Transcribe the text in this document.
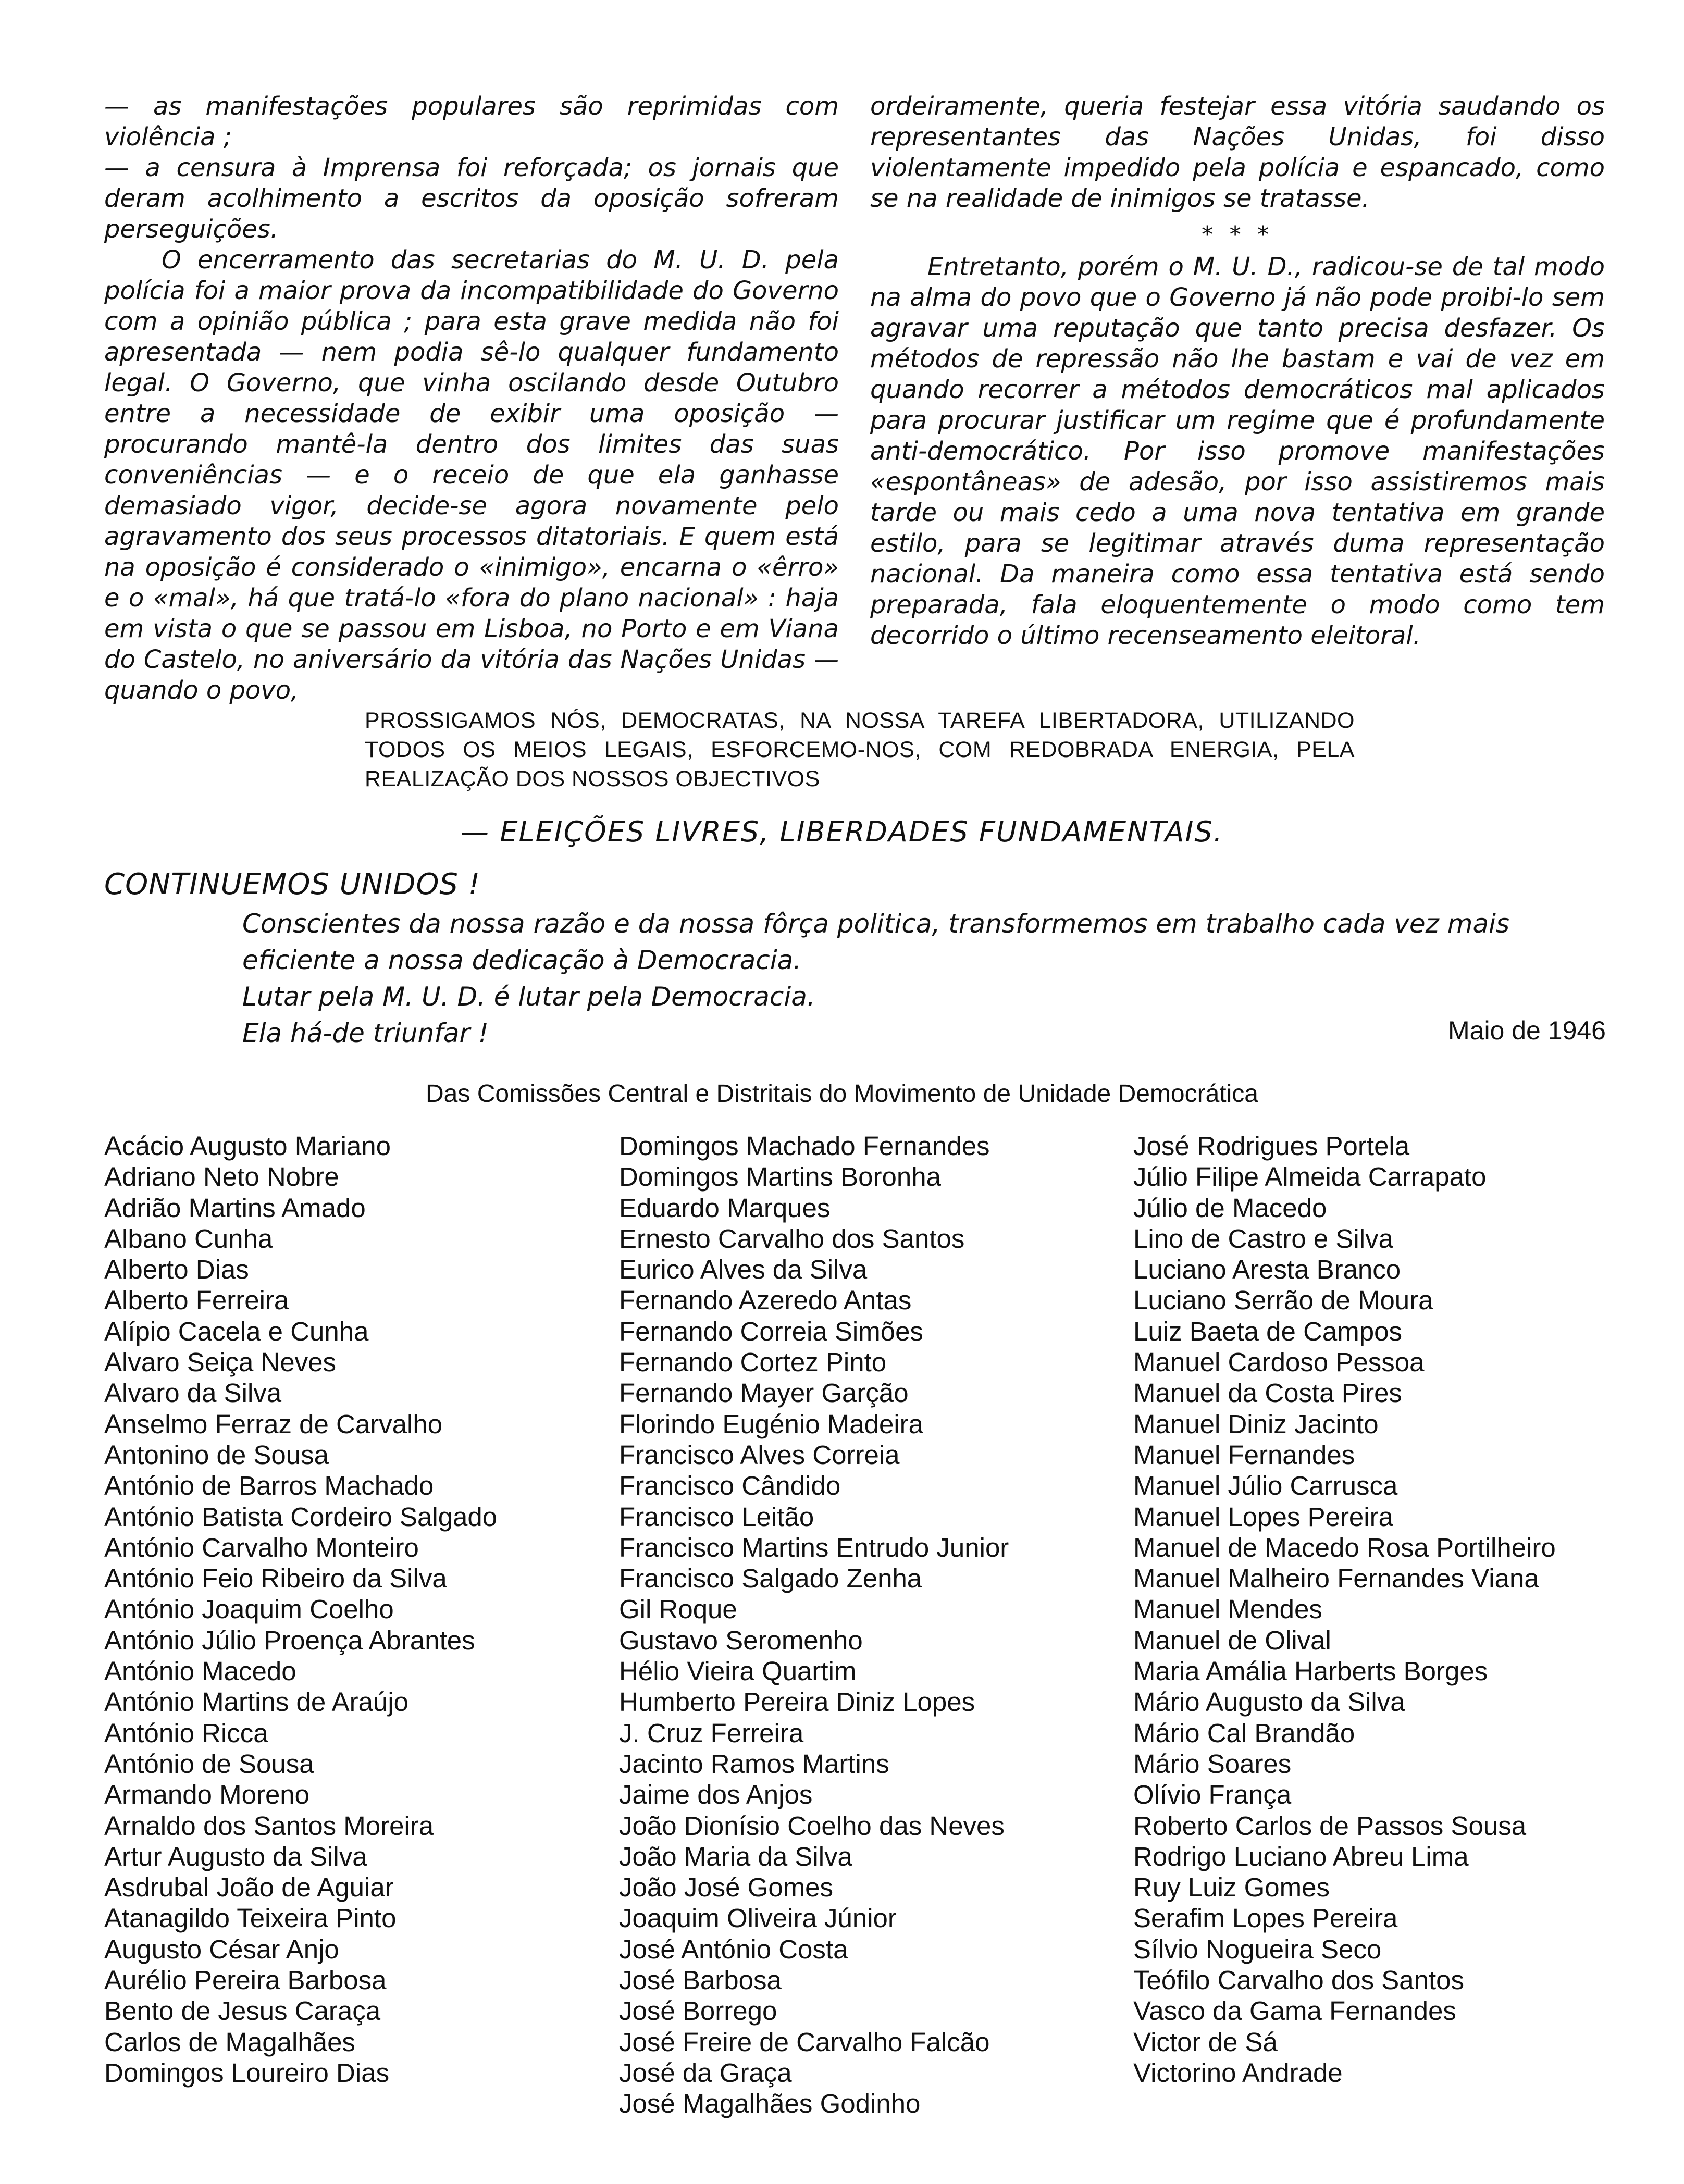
— as manifestações populares são reprimidas com violência ;

— a censura à Imprensa foi reforçada; os jornais que deram acolhimento a escritos da oposição sofreram perseguições.

O encerramento das secretarias do M. U. D. pela polícia foi a maior prova da incompatibilidade do Governo com a opinião pública ; para esta grave medida não foi apresentada — nem podia sê-lo qualquer fundamento legal. O Governo, que vinha oscilando desde Outubro entre a necessidade de exibir uma oposição — procurando mantê-la dentro dos limites das suas conveniências — e o receio de que ela ganhasse demasiado vigor, decide-se agora novamente pelo agravamento dos seus processos ditatoriais. E quem está na oposição é considerado o «inimigo», encarna o «êrro» e o «mal», há que tratá-lo «fora do plano nacional» : haja em vista o que se passou em Lisboa, no Porto e em Viana do Castelo, no aniversário da vitória das Nações Unidas — quando o povo,

ordeiramente, queria festejar essa vitória saudando os representantes das Nações Unidas, foi disso violentamente impedido pela polícia e espancado, como se na realidade de inimigos se tratasse.

* * *

Entretanto, porém o M. U. D., radicou-se de tal modo na alma do povo que o Governo já não pode proibi-lo sem agravar uma reputação que tanto precisa desfazer. Os métodos de repressão não lhe bastam e vai de vez em quando recorrer a métodos democráticos mal aplicados para procurar justificar um regime que é profundamente anti-democrático. Por isso promove manifestações «espontâneas» de adesão, por isso assistiremos mais tarde ou mais cedo a uma nova tentativa em grande estilo, para se legitimar através duma representação nacional. Da maneira como essa tentativa está sendo preparada, fala eloquentemente o modo como tem decorrido o último recenseamento eleitoral.

PROSSIGAMOS NÓS, DEMOCRATAS, NA NOSSA TAREFA LIBERTADORA, UTILIZANDO TODOS OS MEIOS LEGAIS, ESFORCEMO-NOS, COM REDOBRADA ENERGIA, PELA REALIZAÇÃO DOS NOSSOS OBJECTIVOS
— ELEIÇÕES LIVRES, LIBERDADES FUNDAMENTAIS.
CONTINUEMOS UNIDOS !
Conscientes da nossa razão e da nossa fôrça politica, transformemos em trabalho cada vez mais
eficiente a nossa dedicação à Democracia.
Lutar pela M. U. D. é lutar pela Democracia.
Ela há-de triunfar !	Maio de 1946
Das Comissões Central e Distritais do Movimento de Unidade Democrática
Acácio Augusto Mariano
Adriano Neto Nobre
Adrião Martins Amado
Albano Cunha
Alberto Dias
Alberto Ferreira
Alípio Cacela e Cunha
Alvaro Seiça Neves
Alvaro da Silva
Anselmo Ferraz de Carvalho
Antonino de Sousa
António de Barros Machado
António Batista Cordeiro Salgado
António Carvalho Monteiro
António Feio Ribeiro da Silva
António Joaquim Coelho
António Júlio Proença Abrantes
António Macedo
António Martins de Araújo
António Ricca
António de Sousa
Armando Moreno
Arnaldo dos Santos Moreira
Artur Augusto da Silva
Asdrubal João de Aguiar
Atanagildo Teixeira Pinto
Augusto César Anjo
Aurélio Pereira Barbosa
Bento de Jesus Caraça
Carlos de Magalhães
Domingos Loureiro Dias
Domingos Machado Fernandes
Domingos Martins Boronha
Eduardo Marques
Ernesto Carvalho dos Santos
Eurico Alves da Silva
Fernando Azeredo Antas
Fernando Correia Simões
Fernando Cortez Pinto
Fernando Mayer Garção
Florindo Eugénio Madeira
Francisco Alves Correia
Francisco Cândido
Francisco Leitão
Francisco Martins Entrudo Junior
Francisco Salgado Zenha
Gil Roque
Gustavo Seromenho
Hélio Vieira Quartim
Humberto Pereira Diniz Lopes
J. Cruz Ferreira
Jacinto Ramos Martins
Jaime dos Anjos
João Dionísio Coelho das Neves
João Maria da Silva
João José Gomes
Joaquim Oliveira Júnior
José António Costa
José Barbosa
José Borrego
José Freire de Carvalho Falcão
José da Graça
José Magalhães Godinho
José Rodrigues Portela
Júlio Filipe Almeida Carrapato
Júlio de Macedo
Lino de Castro e Silva
Luciano Aresta Branco
Luciano Serrão de Moura
Luiz Baeta de Campos
Manuel Cardoso Pessoa
Manuel da Costa Pires
Manuel Diniz Jacinto
Manuel Fernandes
Manuel Júlio Carrusca
Manuel Lopes Pereira
Manuel de Macedo Rosa Portilheiro
Manuel Malheiro Fernandes Viana
Manuel Mendes
Manuel de Olival
Maria Amália Harberts Borges
Mário Augusto da Silva
Mário Cal Brandão
Mário Soares
Olívio França
Roberto Carlos de Passos Sousa
Rodrigo Luciano Abreu Lima
Ruy Luiz Gomes
Serafim Lopes Pereira
Sílvio Nogueira Seco
Teófilo Carvalho dos Santos
Vasco da Gama Fernandes
Victor de Sá
Victorino Andrade
